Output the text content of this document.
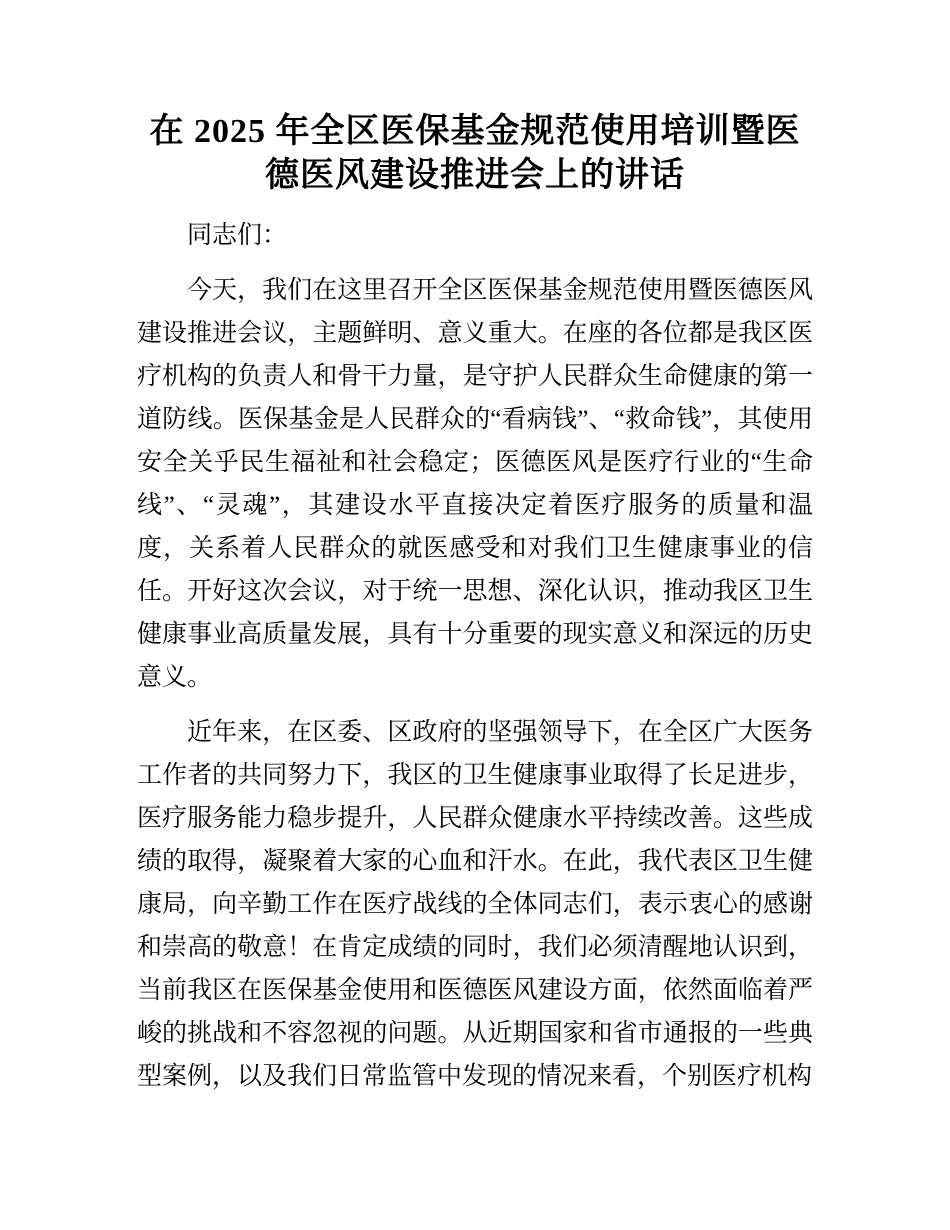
在 2025 年全区医保基金规范使用培训暨医德医风建设推进会上的讲话

同志们：

今天，我们在这里召开全区医保基金规范使用暨医德医风建设推进会议，主题鲜明、意义重大。在座的各位都是我区医疗机构的负责人和骨干力量，是守护人民群众生命健康的第一道防线。医保基金是人民群众的“看病钱”、“救命钱”，其使用安全关乎民生福祉和社会稳定；医德医风是医疗行业的“生命线”、“灵魂”，其建设水平直接决定着医疗服务的质量和温度，关系着人民群众的就医感受和对我们卫生健康事业的信任。开好这次会议，对于统一思想、深化认识，推动我区卫生健康事业高质量发展，具有十分重要的现实意义和深远的历史意义。

近年来，在区委、区政府的坚强领导下，在全区广大医务工作者的共同努力下，我区的卫生健康事业取得了长足进步，医疗服务能力稳步提升，人民群众健康水平持续改善。这些成绩的取得，凝聚着大家的心血和汗水。在此，我代表区卫生健康局，向辛勤工作在医疗战线的全体同志们，表示衷心的感谢和崇高的敬意！在肯定成绩的同时，我们必须清醒地认识到，当前我区在医保基金使用和医德医风建设方面，依然面临着严峻的挑战和不容忽视的问题。从近期国家和省市通报的一些典型案例，以及我们日常监管中发现的情况来看，个别医疗机构
